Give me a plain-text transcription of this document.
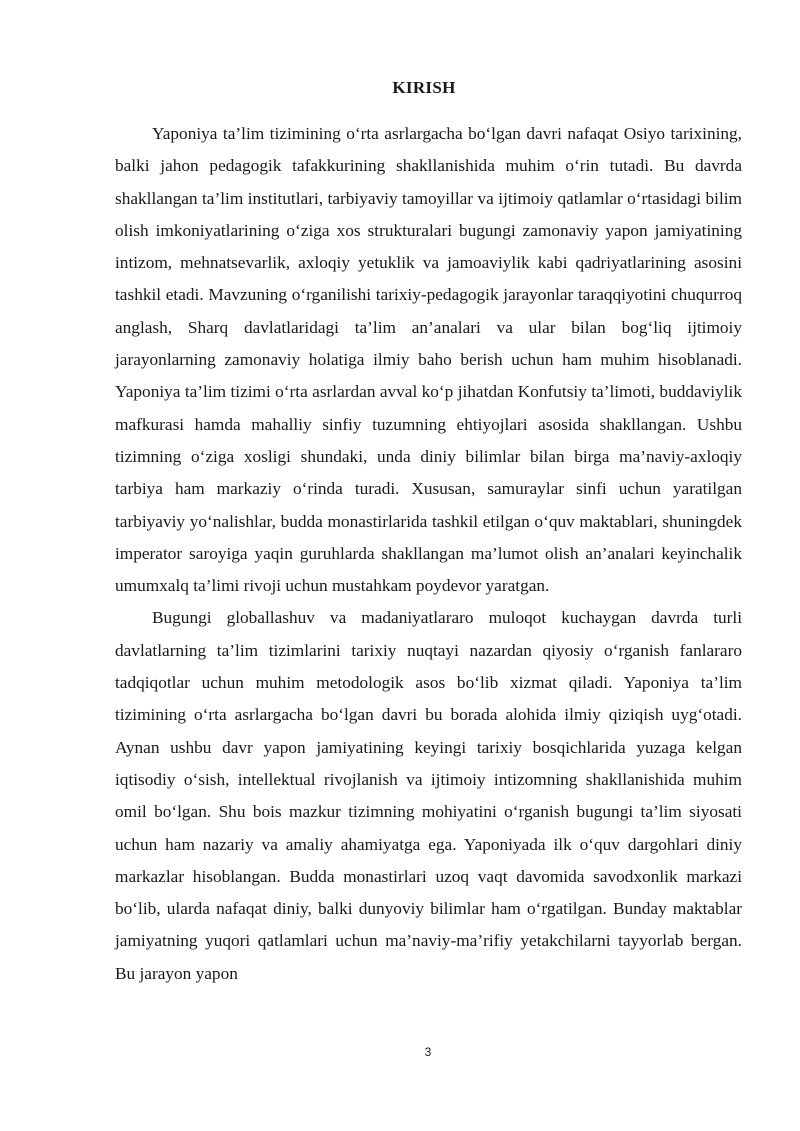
KIRISH

Yaponiya ta’lim tizimining o‘rta asrlargacha bo‘lgan davri nafaqat Osiyo tarixining, balki jahon pedagogik tafakkurining shakllanishida muhim o‘rin tutadi. Bu davrda shakllangan ta’lim institutlari, tarbiyaviy tamoyillar va ijtimoiy qatlamlar o‘rtasidagi bilim olish imkoniyatlarining o‘ziga xos strukturalari bugungi zamonaviy yapon jamiyatining intizom, mehnatsevarlik, axloqiy yetuklik va jamoaviylik kabi qadriyatlarining asosini tashkil etadi. Mavzuning o‘rganilishi tarixiy-pedagogik jarayonlar taraqqiyotini chuqurroq anglash, Sharq davlatlaridagi ta’lim an’analari va ular bilan bog‘liq ijtimoiy jarayonlarning zamonaviy holatiga ilmiy baho berish uchun ham muhim hisoblanadi. Yaponiya ta’lim tizimi o‘rta asrlardan avval ko‘p jihatdan Konfutsiy ta’limoti, buddaviylik mafkurasi hamda mahalliy sinfiy tuzumning ehtiyojlari asosida shakllangan. Ushbu tizimning o‘ziga xosligi shundaki, unda diniy bilimlar bilan birga ma’naviy-axloqiy tarbiya ham markaziy o‘rinda turadi. Xususan, samuraylar sinfi uchun yaratilgan tarbiyaviy yo‘nalishlar, budda monastirlarida tashkil etilgan o‘quv maktablari, shuningdek imperator saroyiga yaqin guruhlarda shakllangan ma’lumot olish an’analari keyinchalik umumxalq ta’limi rivoji uchun mustahkam poydevor yaratgan.

Bugungi globallashuv va madaniyatlararo muloqot kuchaygan davrda turli davlatlarning ta’lim tizimlarini tarixiy nuqtayi nazardan qiyosiy o‘rganish fanlararo tadqiqotlar uchun muhim metodologik asos bo‘lib xizmat qiladi. Yaponiya ta’lim tizimining o‘rta asrlargacha bo‘lgan davri bu borada alohida ilmiy qiziqish uyg‘otadi. Aynan ushbu davr yapon jamiyatining keyingi tarixiy bosqichlarida yuzaga kelgan iqtisodiy o‘sish, intellektual rivojlanish va ijtimoiy intizomning shakllanishida muhim omil bo‘lgan. Shu bois mazkur tizimning mohiyatini o‘rganish bugungi ta’lim siyosati uchun ham nazariy va amaliy ahamiyatga ega. Yaponiyada ilk o‘quv dargohlari diniy markazlar hisoblangan. Budda monastirlari uzoq vaqt davomida savodxonlik markazi bo‘lib, ularda nafaqat diniy, balki dunyoviy bilimlar ham o‘rgatilgan. Bunday maktablar jamiyatning yuqori qatlamlari uchun ma’naviy-ma’rifiy yetakchilarni tayyorlab bergan. Bu jarayon yapon

3
